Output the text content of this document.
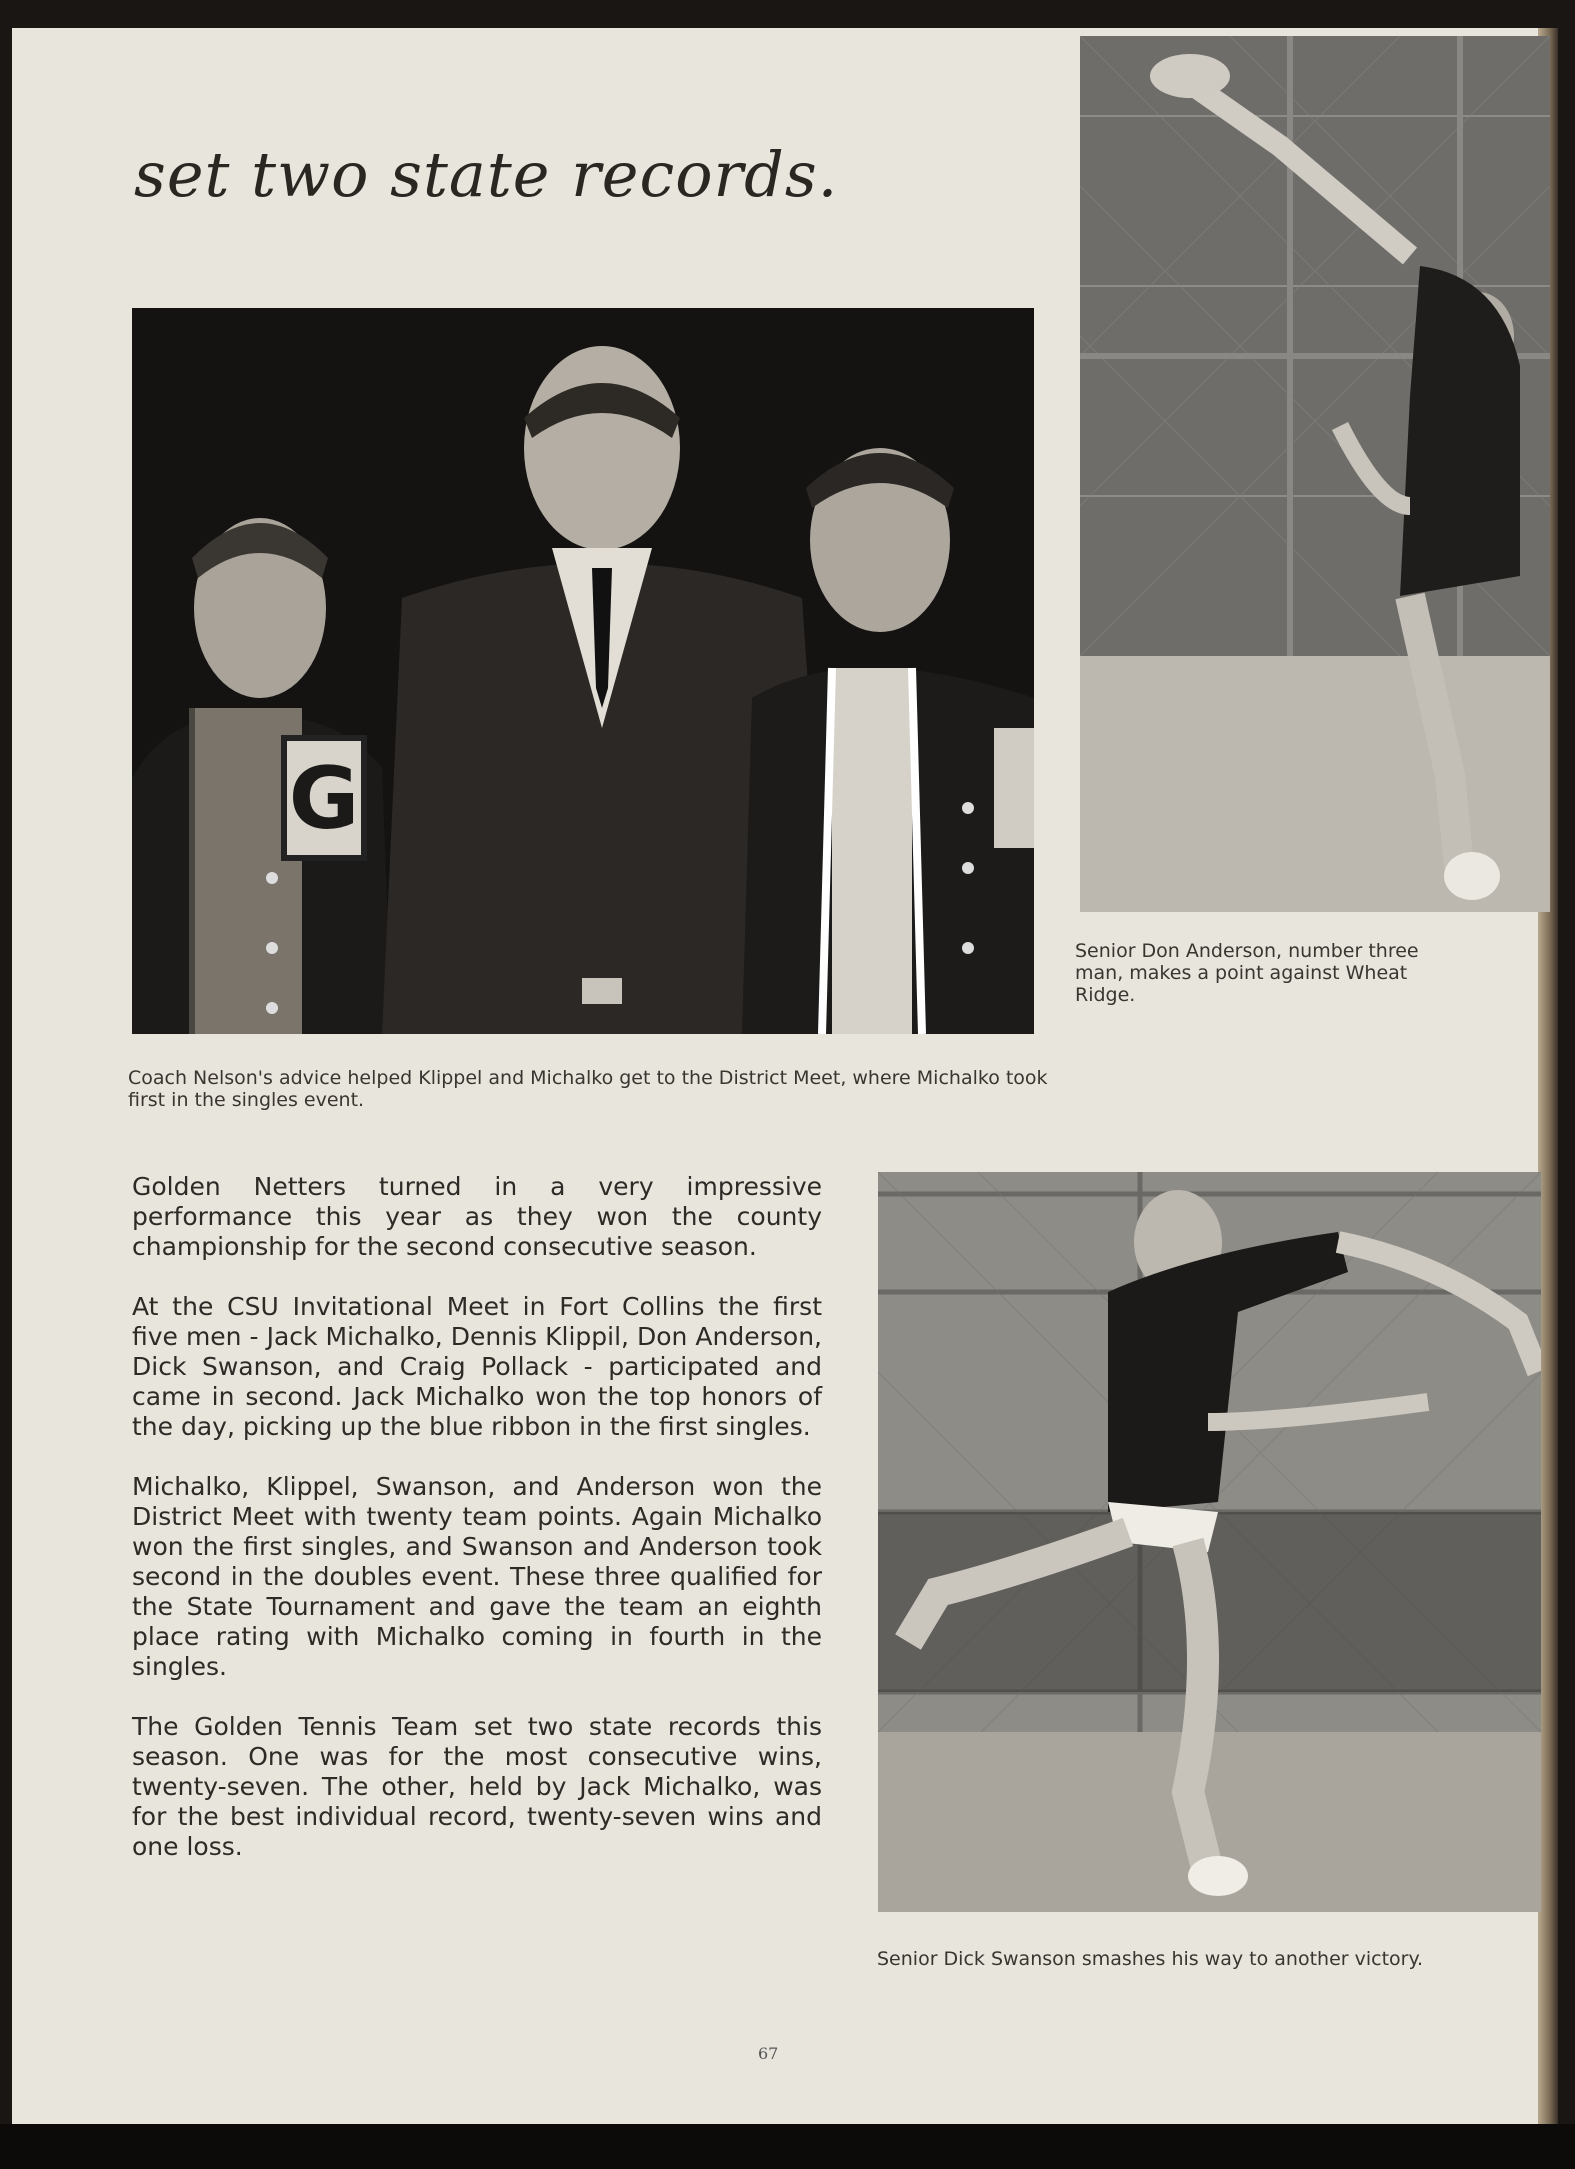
set two state records.
G

Coach Nelson's advice helped Klippel and Michalko get to the District Meet, where Michalko took first in the singles event.

Senior Don Anderson, number three man, makes a point against Wheat Ridge.

Golden Netters turned in a very impressive performance this year as they won the county championship for the second consecutive season.

At the CSU Invitational Meet in Fort Collins the first five men - Jack Michalko, Dennis Klippil, Don Anderson, Dick Swanson, and Craig Pollack - participated and came in second. Jack Michalko won the top honors of the day, picking up the blue ribbon in the first singles.

Michalko, Klippel, Swanson, and Anderson won the District Meet with twenty team points. Again Michalko won the first singles, and Swanson and Anderson took second in the doubles event. These three qualified for the State Tournament and gave the team an eighth place rating with Michalko coming in fourth in the singles.

The Golden Tennis Team set two state records this season. One was for the most consecutive wins, twenty-seven. The other, held by Jack Michalko, was for the best individual record, twenty-seven wins and one loss.

Senior Dick Swanson smashes his way to another victory.

67
